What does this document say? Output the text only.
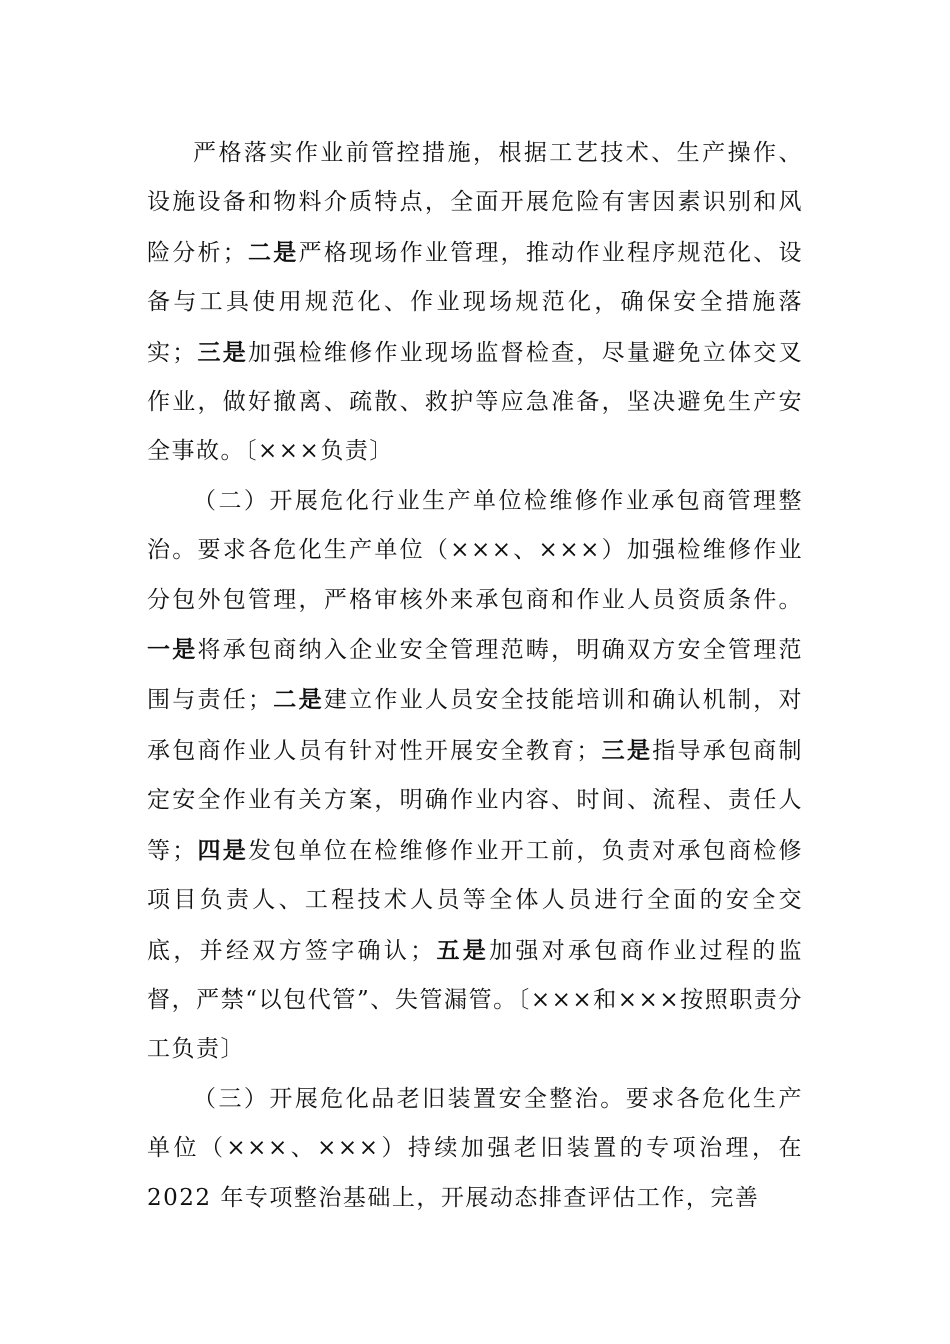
严格落实作业前管控措施，根据工艺技术、生产操作、设施设备和物料介质特点，全面开展危险有害因素识别和风险分析；二是严格现场作业管理，推动作业程序规范化、设备与工具使用规范化、作业现场规范化，确保安全措施落实；三是加强检维修作业现场监督检查，尽量避免立体交叉作业，做好撤离、疏散、救护等应急准备，坚决避免生产安全事故。〔×××负责〕

（二）开展危化行业生产单位检维修作业承包商管理整治。要求各危化生产单位（×××、×××）加强检维修作业分包外包管理，严格审核外来承包商和作业人员资质条件。一是将承包商纳入企业安全管理范畴，明确双方安全管理范围与责任；二是建立作业人员安全技能培训和确认机制，对承包商作业人员有针对性开展安全教育；三是指导承包商制定安全作业有关方案，明确作业内容、时间、流程、责任人等；四是发包单位在检维修作业开工前，负责对承包商检修项目负责人、工程技术人员等全体人员进行全面的安全交底，并经双方签字确认；五是加强对承包商作业过程的监督，严禁“以包代管”、失管漏管。〔×××和×××按照职责分工负责〕

（三）开展危化品老旧装置安全整治。要求各危化生产单位（×××、×××）持续加强老旧装置的专项治理，在 2022 年专项整治基础上，开展动态排查评估工作，完善
